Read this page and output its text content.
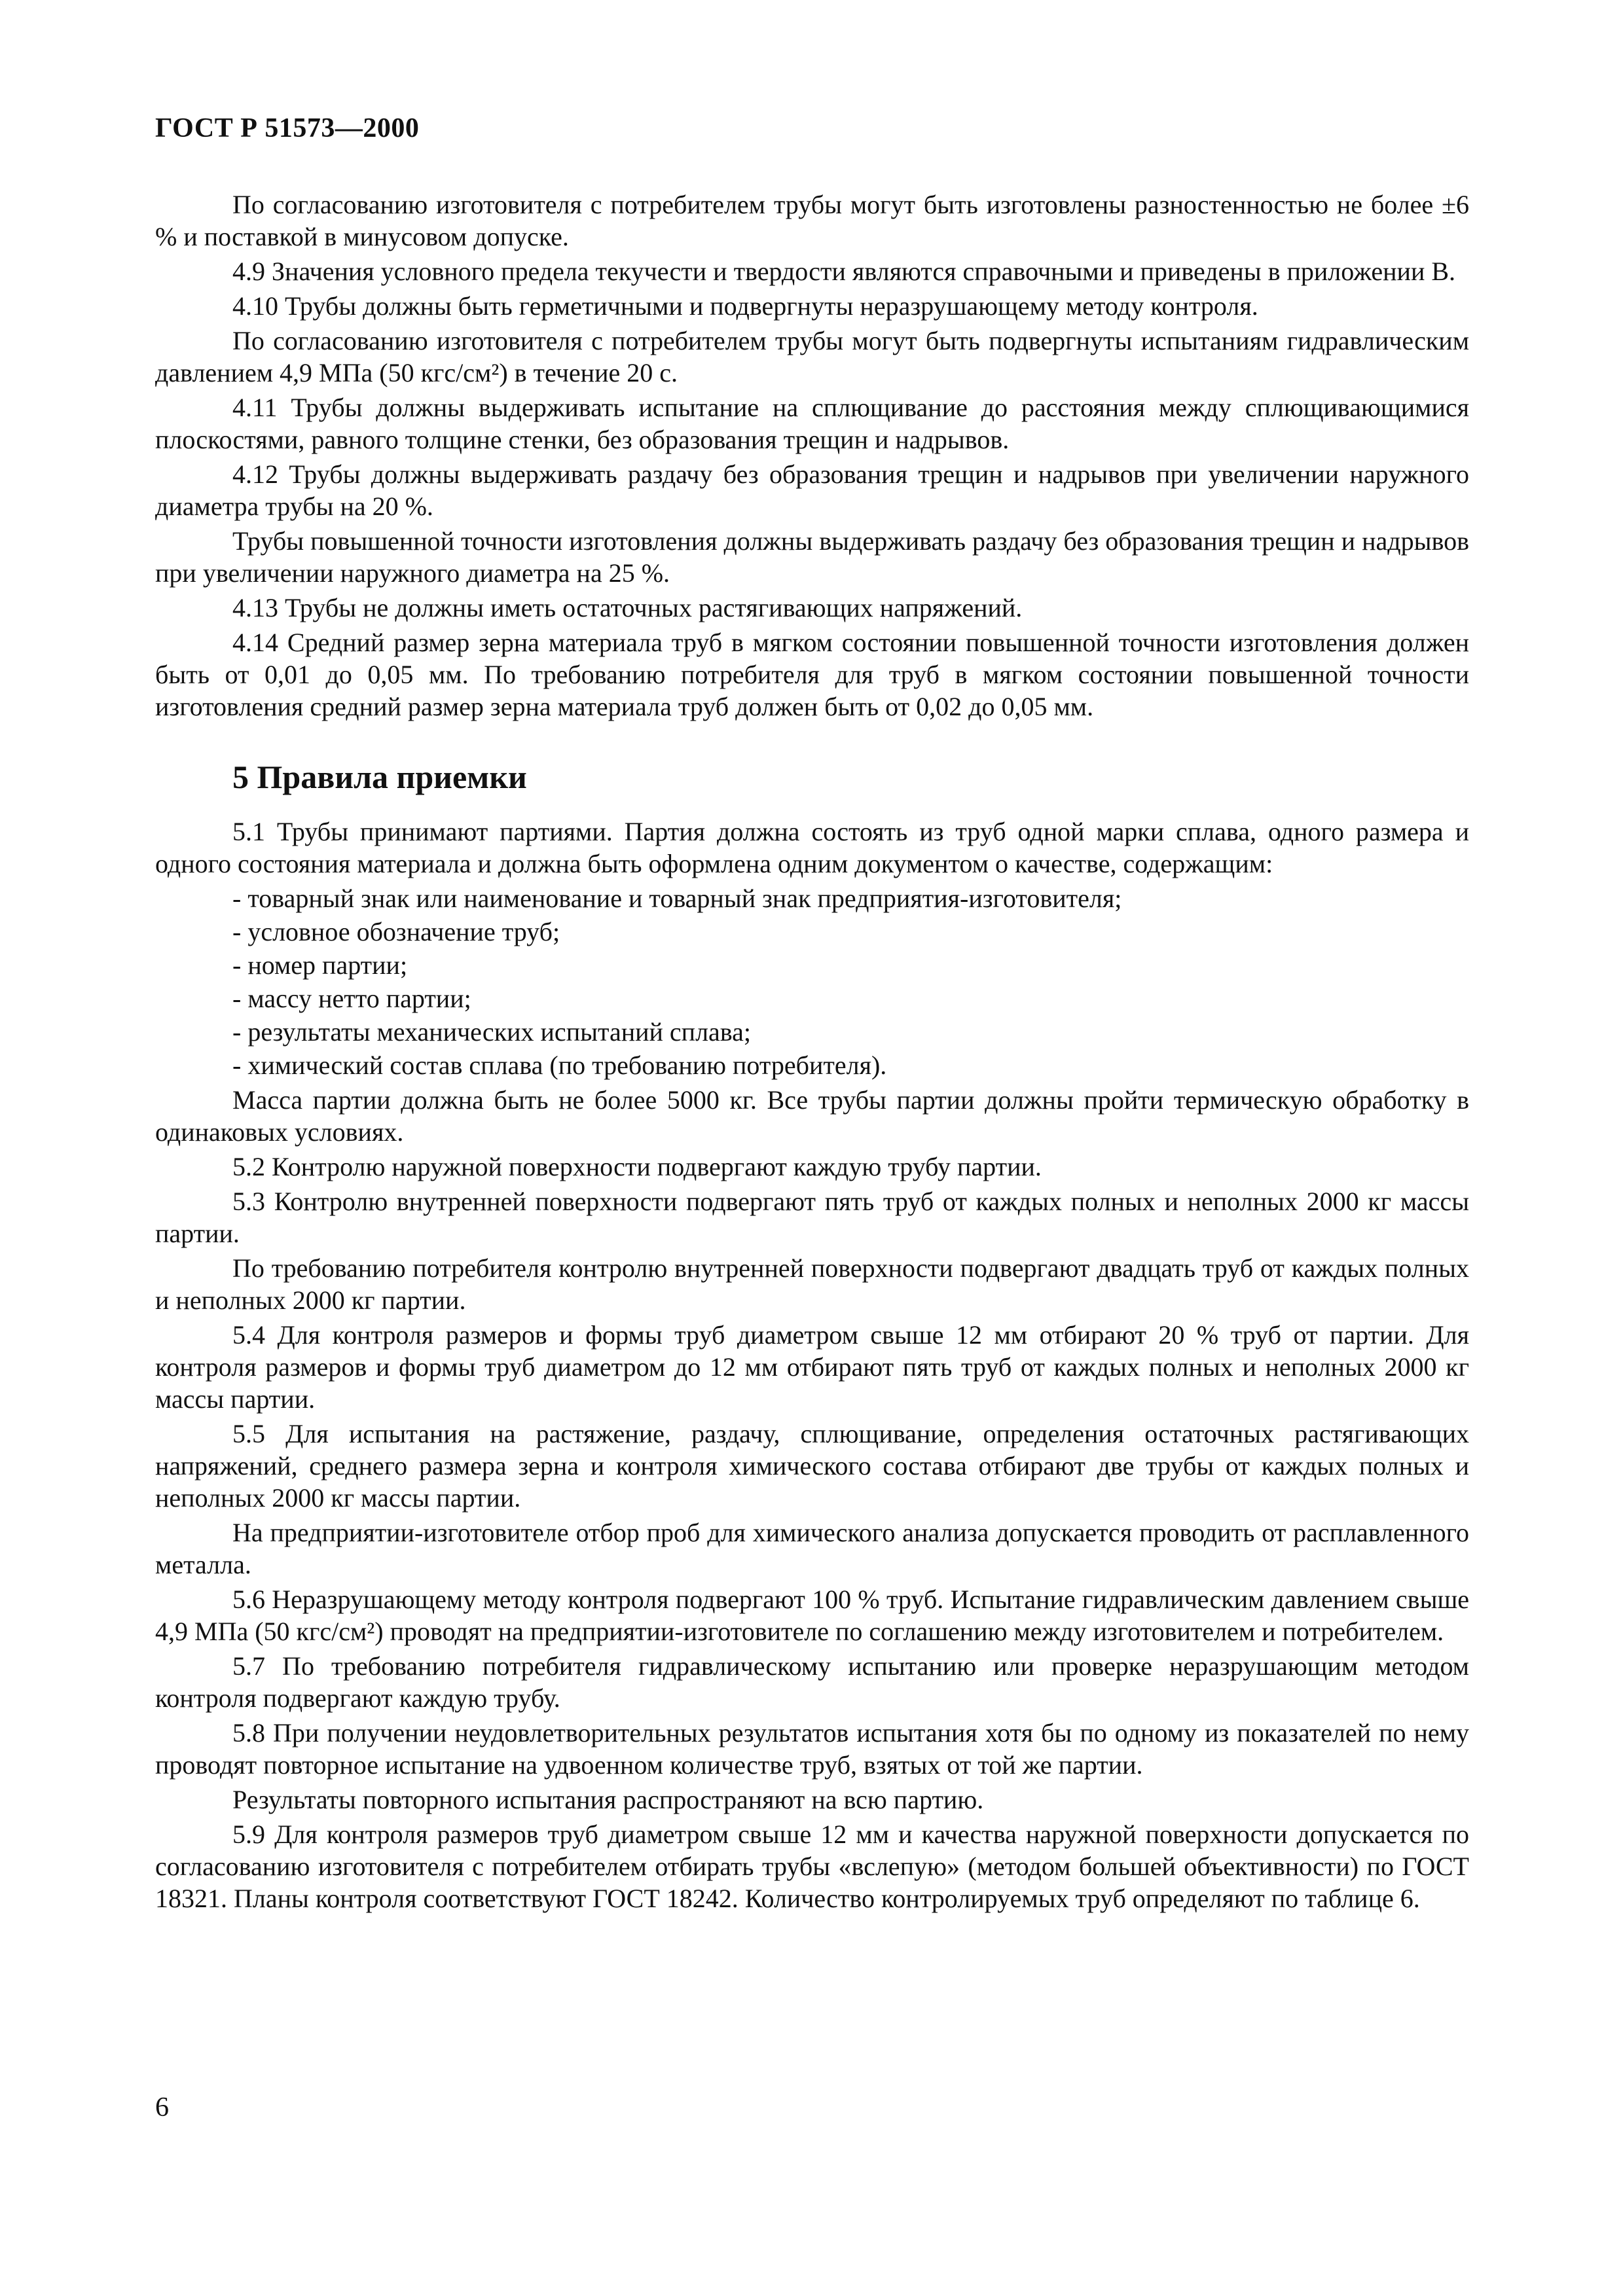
ГОСТ Р 51573—2000

По согласованию изготовителя с потребителем трубы могут быть изготовлены разностенностью не более ±6 % и поставкой в минусовом допуске.

4.9 Значения условного предела текучести и твердости являются справочными и приведены в приложении В.

4.10 Трубы должны быть герметичными и подвергнуты неразрушающему методу контроля.

По согласованию изготовителя с потребителем трубы могут быть подвергнуты испытаниям гидравлическим давлением 4,9 МПа (50 кгс/см²) в течение 20 с.

4.11 Трубы должны выдерживать испытание на сплющивание до расстояния между сплющивающимися плоскостями, равного толщине стенки, без образования трещин и надрывов.

4.12 Трубы должны выдерживать раздачу без образования трещин и надрывов при увеличении наружного диаметра трубы на 20 %.

Трубы повышенной точности изготовления должны выдерживать раздачу без образования трещин и надрывов при увеличении наружного диаметра на 25 %.

4.13 Трубы не должны иметь остаточных растягивающих напряжений.

4.14 Средний размер зерна материала труб в мягком состоянии повышенной точности изготовления должен быть от 0,01 до 0,05 мм. По требованию потребителя для труб в мягком состоянии повышенной точности изготовления средний размер зерна материала труб должен быть от 0,02 до 0,05 мм.

5 Правила приемки

5.1 Трубы принимают партиями. Партия должна состоять из труб одной марки сплава, одного размера и одного состояния материала и должна быть оформлена одним документом о качестве, содержащим:

- товарный знак или наименование и товарный знак предприятия-изготовителя;
- условное обозначение труб;
- номер партии;
- массу нетто партии;
- результаты механических испытаний сплава;
- химический состав сплава (по требованию потребителя).

Масса партии должна быть не более 5000 кг. Все трубы партии должны пройти термическую обработку в одинаковых условиях.

5.2 Контролю наружной поверхности подвергают каждую трубу партии.

5.3 Контролю внутренней поверхности подвергают пять труб от каждых полных и неполных 2000 кг массы партии.

По требованию потребителя контролю внутренней поверхности подвергают двадцать труб от каждых полных и неполных 2000 кг партии.

5.4 Для контроля размеров и формы труб диаметром свыше 12 мм отбирают 20 % труб от партии. Для контроля размеров и формы труб диаметром до 12 мм отбирают пять труб от каждых полных и неполных 2000 кг массы партии.

5.5 Для испытания на растяжение, раздачу, сплющивание, определения остаточных растягивающих напряжений, среднего размера зерна и контроля химического состава отбирают две трубы от каждых полных и неполных 2000 кг массы партии.

На предприятии-изготовителе отбор проб для химического анализа допускается проводить от расплавленного металла.

5.6 Неразрушающему методу контроля подвергают 100 % труб. Испытание гидравлическим давлением свыше 4,9 МПа (50 кгс/см²) проводят на предприятии-изготовителе по соглашению между изготовителем и потребителем.

5.7 По требованию потребителя гидравлическому испытанию или проверке неразрушающим методом контроля подвергают каждую трубу.

5.8 При получении неудовлетворительных результатов испытания хотя бы по одному из показателей по нему проводят повторное испытание на удвоенном количестве труб, взятых от той же партии.

Результаты повторного испытания распространяют на всю партию.

5.9 Для контроля размеров труб диаметром свыше 12 мм и качества наружной поверхности допускается по согласованию изготовителя с потребителем отбирать трубы «вслепую» (методом большей объективности) по ГОСТ 18321. Планы контроля соответствуют ГОСТ 18242. Количество контролируемых труб определяют по таблице 6.

6
